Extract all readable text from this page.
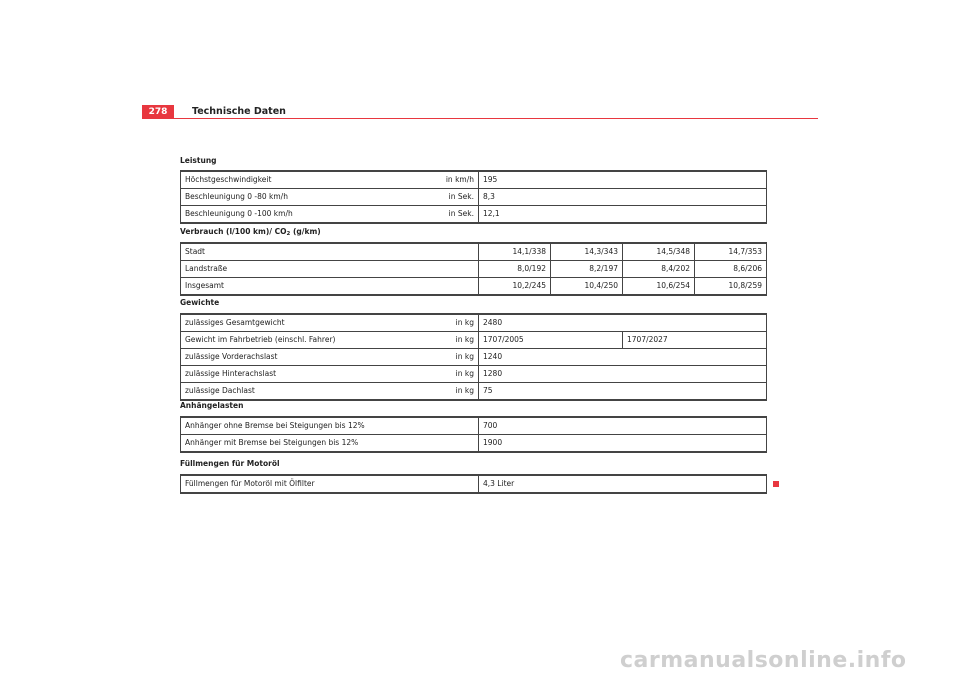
278	Technische Daten
Leistung
Höchstgeschwindigkeit	in km/h	195
Beschleunigung 0 -80 km/h	in Sek.	8,3
Beschleunigung 0 -100 km/h	in Sek.	12,1
Verbrauch (l/100 km)/ $CO_2$ (g/km)
Stadt	14,1/338	14,3/343	14,5/348	14,7/353
Landstraße	8,0/192	8,2/197	8,4/202	8,6/206
Insgesamt	10,2/245	10,4/250	10,6/254	10,8/259
Gewichte
zulässiges Gesamtgewicht	in kg	2480	
Gewicht im Fahrbetrieb (einschl. Fahrer)	in kg	1707/2005	1707/2027
zulässige Vorderachslast	in kg	1240	
zulässige Hinterachslast	in kg	1280	
zulässige Dachlast	in kg	75	
Anhängelasten
Anhänger ohne Bremse bei Steigungen bis 12%	700
Anhänger mit Bremse bei Steigungen bis 12%	1900
Füllmengen für Motoröl
Füllmengen für Motoröl mit Ölfilter	4,3 Liter
carmanualsonline.info
